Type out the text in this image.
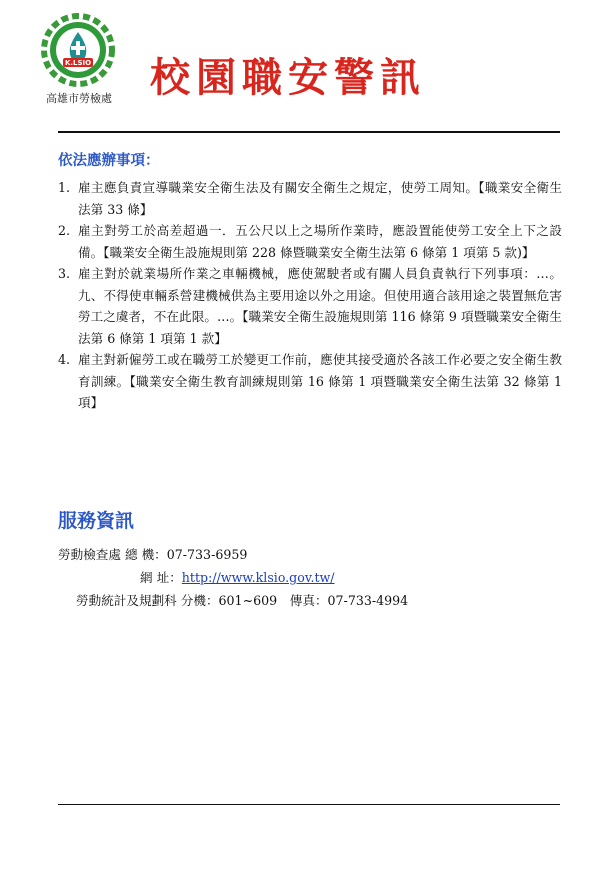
K.LSIO
高雄市勞檢處 校園職安警訊
依法應辦事項：
1. 雇主應負責宣導職業安全衛生法及有關安全衛生之規定，使勞工周知。【職業安全衛生法第 33 條】
2. 雇主對勞工於高差超過一．五公尺以上之場所作業時，應設置能使勞工安全上下之設備。【職業安全衛生設施規則第 228 條暨職業安全衛生法第 6 條第 1 項第 5 款)】
3. 雇主對於就業場所作業之車輛機械，應使駕駛者或有關人員負責執行下列事項：…。九、不得使車輛系營建機械供為主要用途以外之用途。但使用適合該用途之裝置無危害勞工之虞者，不在此限。…。【職業安全衛生設施規則第 116 條第 9 項暨職業安全衛生法第 6 條第 1 項第 1 款】
4. 雇主對新僱勞工或在職勞工於變更工作前，應使其接受適於各該工作必要之安全衛生教育訓練。【職業安全衛生教育訓練規則第 16 條第 1 項暨職業安全衛生法第 32 條第 1 項】
服務資訊
勞動檢查處 總 機：07-733-6959
網 址：http://www.klsio.gov.tw/
勞動統計及規劃科 分機：601~609　傳真：07-733-4994
